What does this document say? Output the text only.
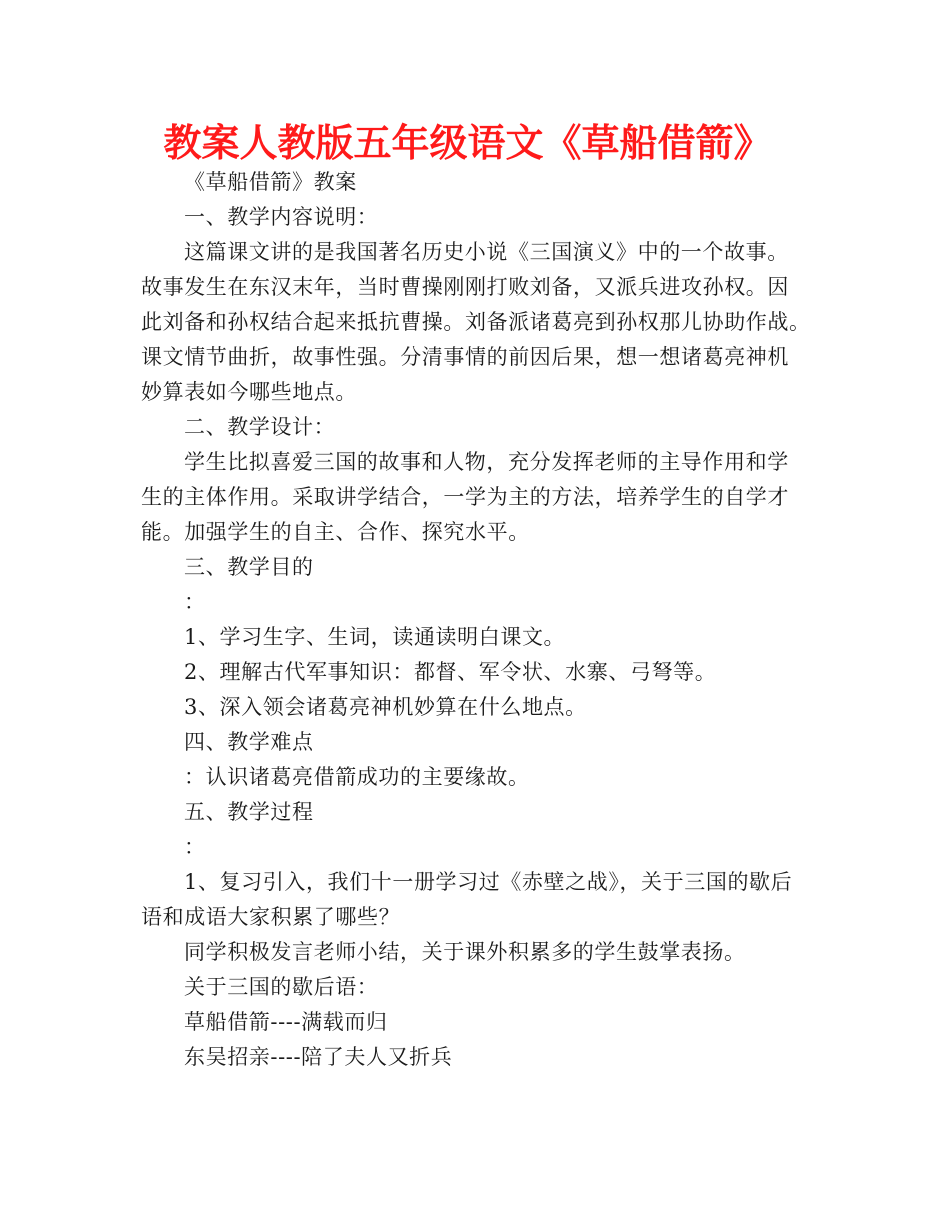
教案人教版五年级语文《草船借箭》
《草船借箭》教案
一、教学内容说明：
这篇课文讲的是我国著名历史小说《三国演义》中的一个故事。
故事发生在东汉末年，当时曹操刚刚打败刘备，又派兵进攻孙权。因
此刘备和孙权结合起来抵抗曹操。刘备派诸葛亮到孙权那儿协助作战。
课文情节曲折，故事性强。分清事情的前因后果，想一想诸葛亮神机
妙算表如今哪些地点。
二、教学设计：
学生比拟喜爱三国的故事和人物，充分发挥老师的主导作用和学
生的主体作用。采取讲学结合，一学为主的方法，培养学生的自学才
能。加强学生的自主、合作、探究水平。
三、教学目的
：
1、学习生字、生词，读通读明白课文。
2、理解古代军事知识：都督、军令状、水寨、弓弩等。
3、深入领会诸葛亮神机妙算在什么地点。
四、教学难点
：认识诸葛亮借箭成功的主要缘故。
五、教学过程
：
1、复习引入，我们十一册学习过《赤壁之战》，关于三国的歇后
语和成语大家积累了哪些？
同学积极发言老师小结，关于课外积累多的学生鼓掌表扬。
关于三国的歇后语：
草船借箭----满载而归
东吴招亲----陪了夫人又折兵
